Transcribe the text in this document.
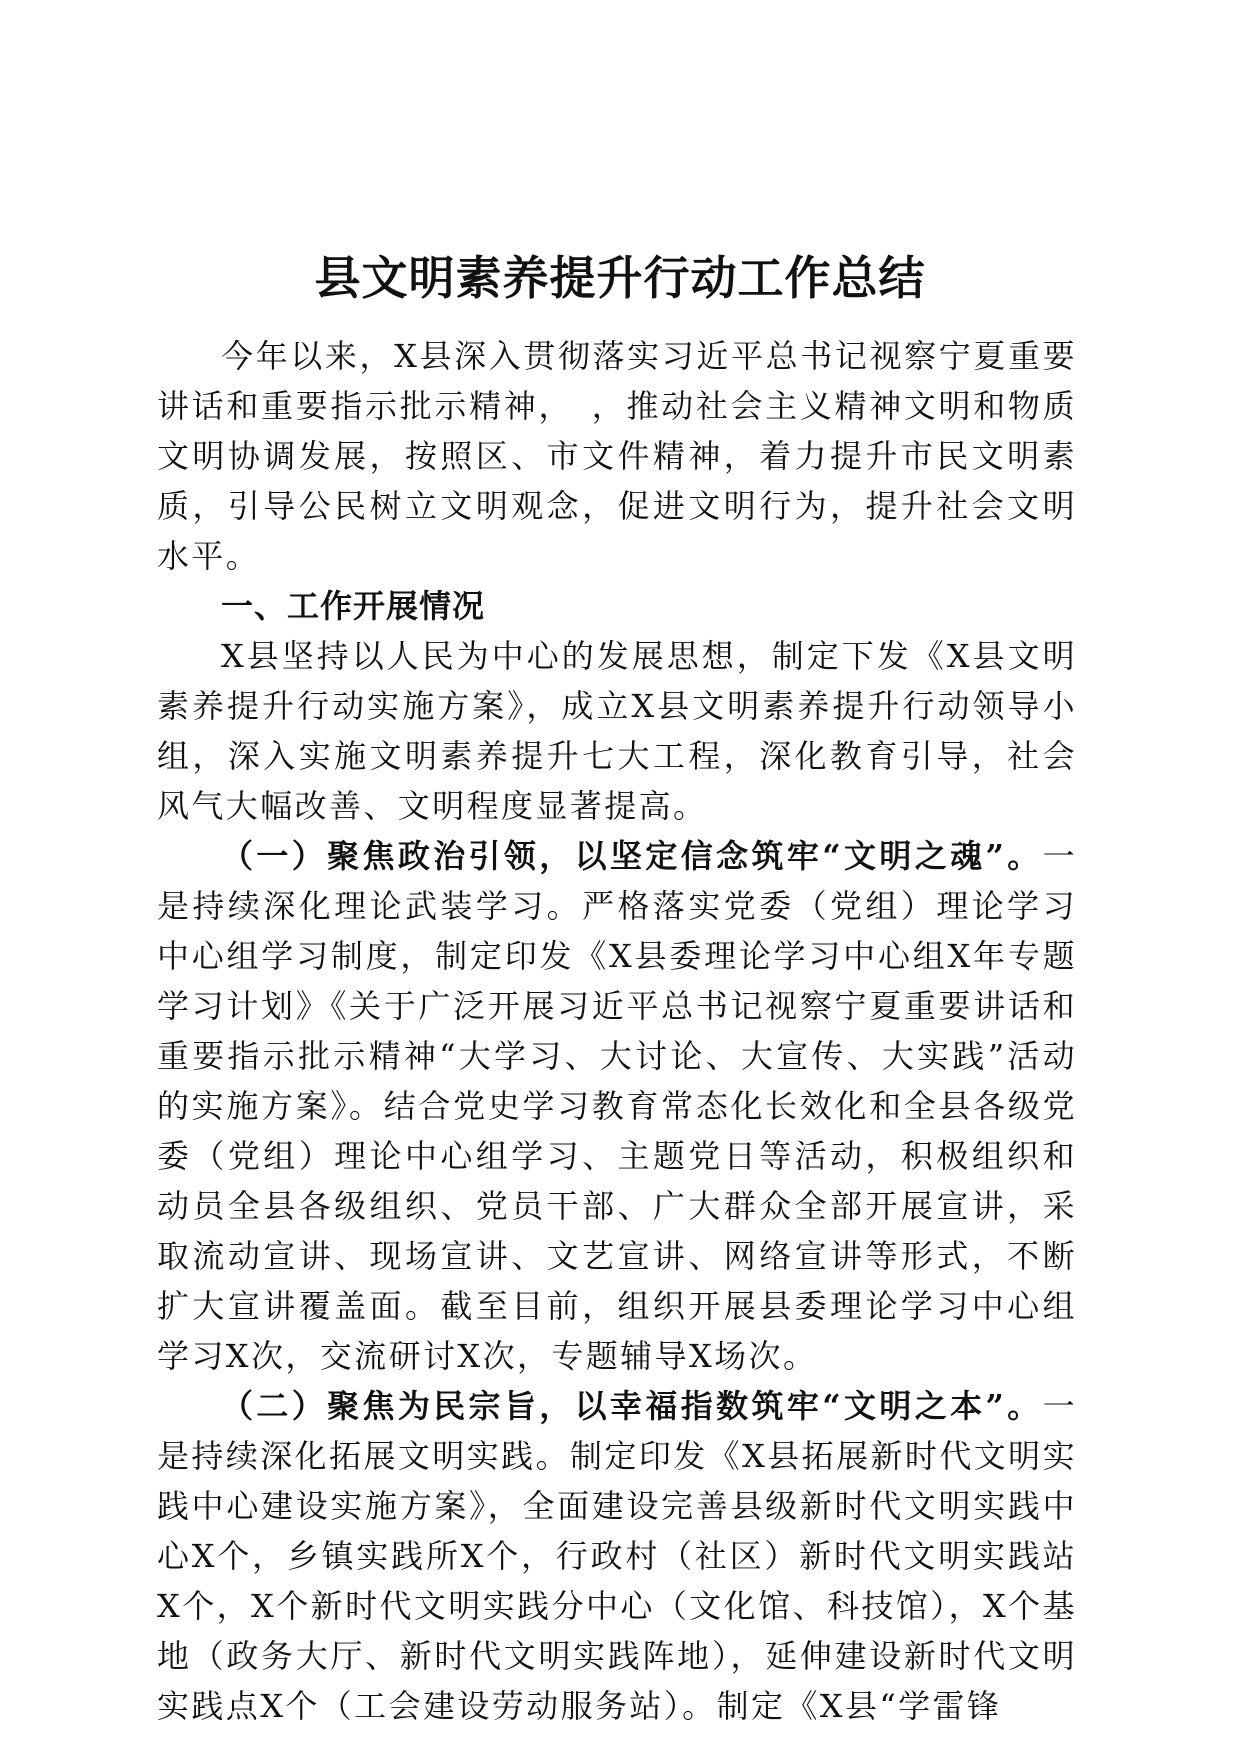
县文明素养提升行动工作总结

今年以来，X县深入贯彻落实习近平总书记视察宁夏重要讲话和重要指示批示精神，　，推动社会主义精神文明和物质文明协调发展，按照区、市文件精神，着力提升市民文明素质，引导公民树立文明观念，促进文明行为，提升社会文明水平。

一、工作开展情况

X县坚持以人民为中心的发展思想，制定下发《X县文明素养提升行动实施方案》，成立X县文明素养提升行动领导小组，深入实施文明素养提升七大工程，深化教育引导，社会风气大幅改善、文明程度显著提高。

（一）聚焦政治引领，以坚定信念筑牢“文明之魂”。一是持续深化理论武装学习。严格落实党委（党组）理论学习中心组学习制度，制定印发《X县委理论学习中心组X年专题学习计划》《关于广泛开展习近平总书记视察宁夏重要讲话和重要指示批示精神“大学习、大讨论、大宣传、大实践”活动的实施方案》。结合党史学习教育常态化长效化和全县各级党委（党组）理论中心组学习、主题党日等活动，积极组织和动员全县各级组织、党员干部、广大群众全部开展宣讲，采取流动宣讲、现场宣讲、文艺宣讲、网络宣讲等形式，不断扩大宣讲覆盖面。截至目前，组织开展县委理论学习中心组学习X次，交流研讨X次，专题辅导X场次。

（二）聚焦为民宗旨，以幸福指数筑牢“文明之本”。一是持续深化拓展文明实践。制定印发《X县拓展新时代文明实践中心建设实施方案》，全面建设完善县级新时代文明实践中心X个，乡镇实践所X个，行政村（社区）新时代文明实践站X个，X个新时代文明实践分中心（文化馆、科技馆），X个基地（政务大厅、新时代文明实践阵地），延伸建设新时代文明实践点X个（工会建设劳动服务站）。制定《X县“学雷锋
